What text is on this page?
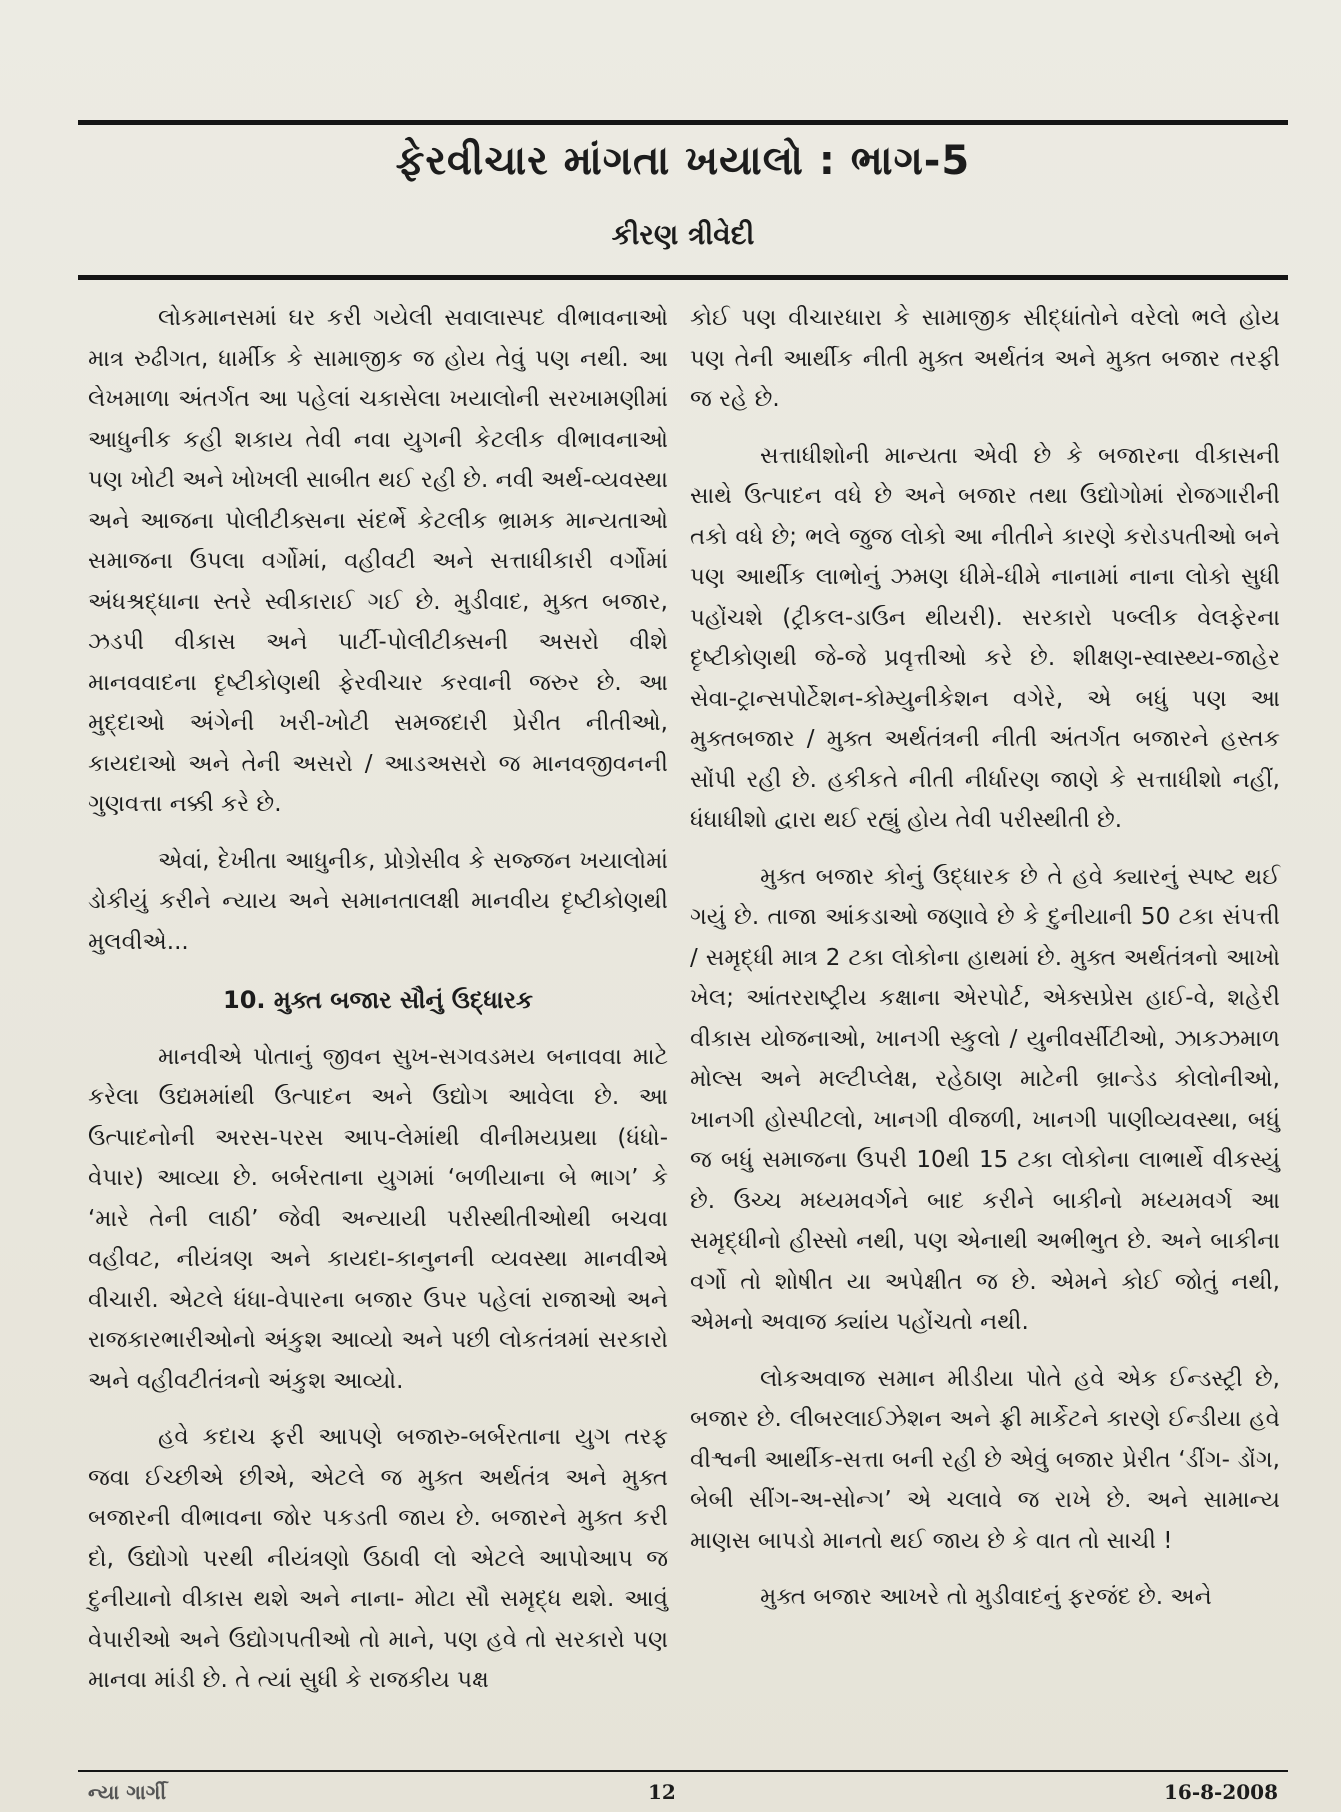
ફેરવીચાર માંગતા ખયાલો : ભાગ-5
કીરણ ત્રીવેદી

લોકમાનસમાં ઘર કરી ગયેલી સવાલાસ્પદ વીભાવનાઓ માત્ર રુઢીગત, ધાર્મીક કે સામાજીક જ હોય તેવું પણ નથી. આ લેખમાળા અંતર્ગત આ પહેલાં ચકાસેલા ખયાલોની સરખામણીમાં આધુનીક કહી શકાય તેવી નવા યુગની કેટલીક વીભાવનાઓ પણ ખોટી અને ખોખલી સાબીત થઈ રહી છે. નવી અર્થ-વ્યવસ્થા અને આજના પોલીટીક્સના સંદર્ભે કેટલીક ભ્રામક માન્યતાઓ સમાજના ઉપલા વર્ગોમાં, વહીવટી અને સત્તાધીકારી વર્ગોમાં અંધશ્રદ્ધાના સ્તરે સ્વીકારાઈ ગઈ છે. મુડીવાદ, મુક્ત બજાર, ઝડપી વીકાસ અને પાર્ટી-પોલીટીક્સની અસરો વીશે માનવવાદના દૃષ્ટીકોણથી ફેરવીચાર કરવાની જરુર છે. આ મુદ્દાઓ અંગેની ખરી-ખોટી સમજદારી પ્રેરીત નીતીઓ, કાયદાઓ અને તેની અસરો / આડઅસરો જ માનવજીવનની ગુણવત્તા નક્કી કરે છે.

એવાં, દેખીતા આધુનીક, પ્રોગ્રેસીવ કે સજ્જન ખયાલોમાં ડોકીયું કરીને ન્યાય અને સમાનતાલક્ષી માનવીય દૃષ્ટીકોણથી મુલવીએ...

10. મુક્ત બજાર સૌનું ઉદ્ધારક

માનવીએ પોતાનું જીવન સુખ-સગવડમય બનાવવા માટે કરેલા ઉદ્યમમાંથી ઉત્પાદન અને ઉદ્યોગ આવેલા છે. આ ઉત્પાદનોની અરસ-પરસ આપ-લેમાંથી વીનીમયપ્રથા (ધંધો-વેપાર) આવ્યા છે. બર્બરતાના યુગમાં ‘બળીયાના બે ભાગ’ કે ‘મારે તેની લાઠી’ જેવી અન્યાયી પરીસ્થીતીઓથી બચવા વહીવટ, નીયંત્રણ અને કાયદા-કાનુનની વ્યવસ્થા માનવીએ વીચારી. એટલે ધંધા-વેપારના બજાર ઉપર પહેલાં રાજાઓ અને રાજકારભારીઓનો અંકુશ આવ્યો અને પછી લોકતંત્રમાં સરકારો અને વહીવટીતંત્રનો અંકુશ આવ્યો.

હવે કદાચ ફરી આપણે બજારુ-બર્બરતાના યુગ તરફ જવા ઈચ્છીએ છીએ, એટલે જ મુક્ત અર્થતંત્ર અને મુક્ત બજારની વીભાવના જોર પકડતી જાય છે. બજારને મુક્ત કરી દો, ઉદ્યોગો પરથી નીયંત્રણો ઉઠાવી લો એટલે આપોઆપ જ દુનીયાનો વીકાસ થશે અને નાના- મોટા સૌ સમૃદ્ધ થશે. આવું વેપારીઓ અને ઉદ્યોગપતીઓ તો માને, પણ હવે તો સરકારો પણ માનવા માંડી છે. તે ત્યાં સુધી કે રાજકીય પક્ષ

કોઈ પણ વીચારધારા કે સામાજીક સીદ્ધાંતોને વરેલો ભલે હોય પણ તેની આર્થીક નીતી મુક્ત અર્થતંત્ર અને મુક્ત બજાર તરફી જ રહે છે.

સત્તાધીશોની માન્યતા એવી છે કે બજારના વીકાસની સાથે ઉત્પાદન વધે છે અને બજાર તથા ઉદ્યોગોમાં રોજગારીની તકો વધે છે; ભલે જુજ લોકો આ નીતીને કારણે કરોડપતીઓ બને પણ આર્થીક લાભોનું ઝમણ ધીમે-ધીમે નાનામાં નાના લોકો સુધી પહોંચશે (ટ્રીકલ-ડાઉન થીયરી). સરકારો પબ્લીક વેલફેરના દૃષ્ટીકોણથી જે-જે પ્રવૃત્તીઓ કરે છે. શીક્ષણ-સ્વાસ્થ્ય-જાહેર સેવા-ટ્રાન્સપોર્ટેશન-કોમ્યુનીકેશન વગેરે, એ બધું પણ આ મુક્તબજાર / મુક્ત અર્થતંત્રની નીતી અંતર્ગત બજારને હસ્તક સોંપી રહી છે. હકીકતે નીતી નીર્ધારણ જાણે કે સત્તાધીશો નહીં, ધંધાધીશો દ્વારા થઈ રહ્યું હોય તેવી પરીસ્થીતી છે.

મુક્ત બજાર કોનું ઉદ્ધારક છે તે હવે ક્યારનું સ્પષ્ટ થઈ ગયું છે. તાજા આંકડાઓ જણાવે છે કે દુનીયાની 50 ટકા સંપત્તી / સમૃદ્ધી માત્ર 2 ટકા લોકોના હાથમાં છે. મુક્ત અર્થતંત્રનો આખો ખેલ; આંતરરાષ્ટ્રીય કક્ષાના એરપોર્ટ, એક્સપ્રેસ હાઈ-વે, શહેરી વીકાસ યોજનાઓ, ખાનગી સ્કુલો / યુનીવર્સીટીઓ, ઝાકઝમાળ મોલ્સ અને મલ્ટીપ્લેક્ષ, રહેઠાણ માટેની બ્રાન્ડેડ કોલોનીઓ, ખાનગી હોસ્પીટલો, ખાનગી વીજળી, ખાનગી પાણીવ્યવસ્થા, બધું જ બધું સમાજના ઉપરી 10થી 15 ટકા લોકોના લાભાર્થે વીકસ્યું છે. ઉચ્ચ મધ્યમવર્ગને બાદ કરીને બાકીનો મધ્યમવર્ગ આ સમૃદ્ધીનો હીસ્સો નથી, પણ એનાથી અભીભુત છે. અને બાકીના વર્ગો તો શોષીત યા અપેક્ષીત જ છે. એમને કોઈ જોતું નથી, એમનો અવાજ ક્યાંય પહોંચતો નથી.

લોકઅવાજ સમાન મીડીયા પોતે હવે એક ઈન્ડસ્ટ્રી છે, બજાર છે. લીબરલાઈઝેશન અને ફ્રી માર્કેટને કારણે ઈન્ડીયા હવે વીશ્વની આર્થીક-સત્તા બની રહી છે એવું બજાર પ્રેરીત ‘ડીંગ- ડોંગ, બેબી સીંગ-અ-સોન્ગ’ એ ચલાવે જ રાખે છે. અને સામાન્ય માણસ બાપડો માનતો થઈ જાય છે કે વાત તો સાચી !

મુક્ત બજાર આખરે તો મુડીવાદનું ફરજંદ છે. અને

ન્યા ગાર્ગી	12	16-8-2008
